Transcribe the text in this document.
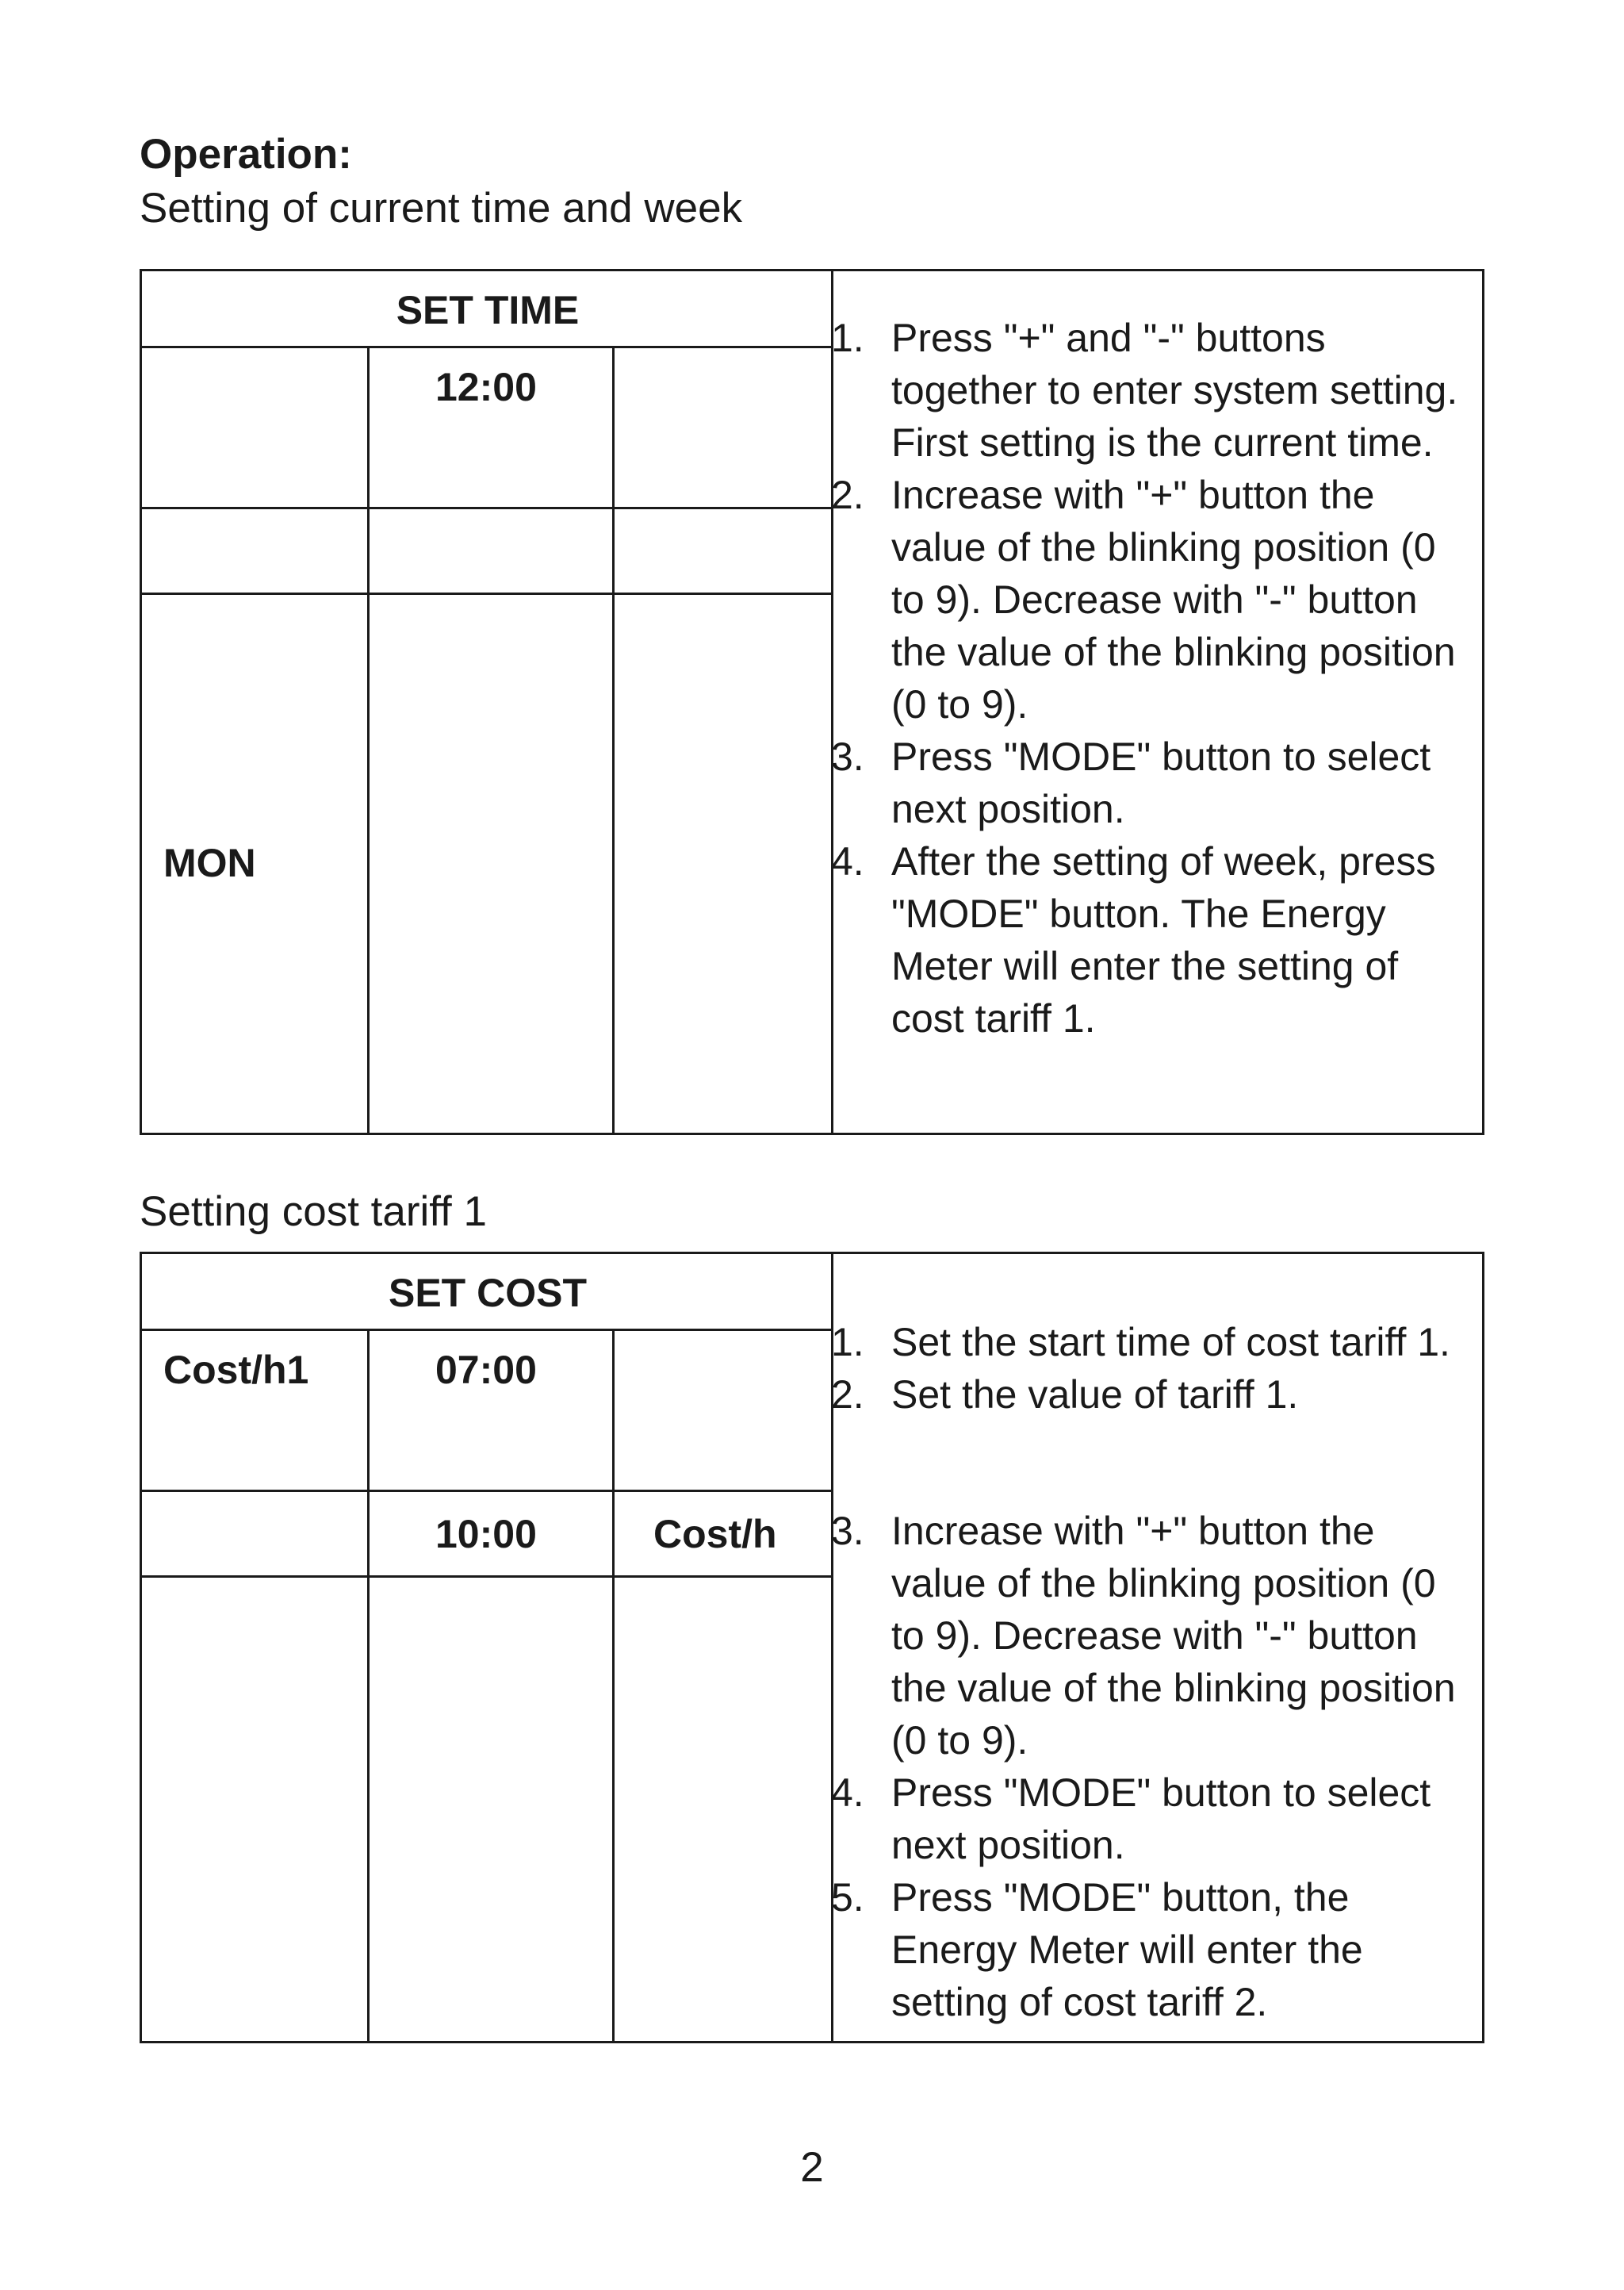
Operation:
Setting of current time and week
SET TIME
12:00
MON
1. Press "+" and "-" buttons together to enter system setting. First setting is the current time.
2. Increase with "+" button the value of the blinking position (0 to 9). Decrease with "-" button the value of the blinking position (0 to 9).
3. Press "MODE" button to select next position.
4. After the setting of week, press "MODE" button. The Energy Meter will enter the setting of cost tariff 1.
Setting cost tariff 1
SET COST
Cost/h1	07:00
10:00	Cost/h
1. Set the start time of cost tariff 1.
2. Set the value of tariff 1.
3. Increase with "+" button the value of the blinking position (0 to 9). Decrease with "-" button the value of the blinking position (0 to 9).
4. Press "MODE" button to select next position.
5. Press "MODE" button, the Energy Meter will enter the setting of cost tariff 2.
2
